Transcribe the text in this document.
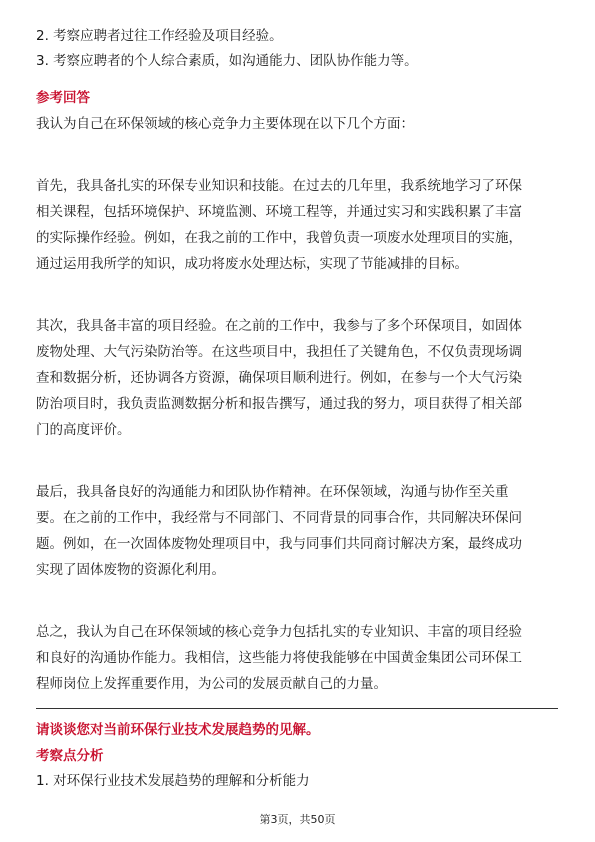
2. 考察应聘者过往工作经验及项目经验。
3. 考察应聘者的个人综合素质，如沟通能力、团队协作能力等。
参考回答
我认为自己在环保领域的核心竞争力主要体现在以下几个方面：
首先，我具备扎实的环保专业知识和技能。在过去的几年里，我系统地学习了环保
相关课程，包括环境保护、环境监测、环境工程等，并通过实习和实践积累了丰富
的实际操作经验。例如，在我之前的工作中，我曾负责一项废水处理项目的实施，
通过运用我所学的知识，成功将废水处理达标，实现了节能减排的目标。
其次，我具备丰富的项目经验。在之前的工作中，我参与了多个环保项目，如固体
废物处理、大气污染防治等。在这些项目中，我担任了关键角色，不仅负责现场调
查和数据分析，还协调各方资源，确保项目顺利进行。例如，在参与一个大气污染
防治项目时，我负责监测数据分析和报告撰写，通过我的努力，项目获得了相关部
门的高度评价。
最后，我具备良好的沟通能力和团队协作精神。在环保领域，沟通与协作至关重
要。在之前的工作中，我经常与不同部门、不同背景的同事合作，共同解决环保问
题。例如，在一次固体废物处理项目中，我与同事们共同商讨解决方案，最终成功
实现了固体废物的资源化利用。
总之，我认为自己在环保领域的核心竞争力包括扎实的专业知识、丰富的项目经验
和良好的沟通协作能力。我相信，这些能力将使我能够在中国黄金集团公司环保工
程师岗位上发挥重要作用，为公司的发展贡献自己的力量。
请谈谈您对当前环保行业技术发展趋势的见解。
考察点分析
1. 对环保行业技术发展趋势的理解和分析能力
第3页，共50页
